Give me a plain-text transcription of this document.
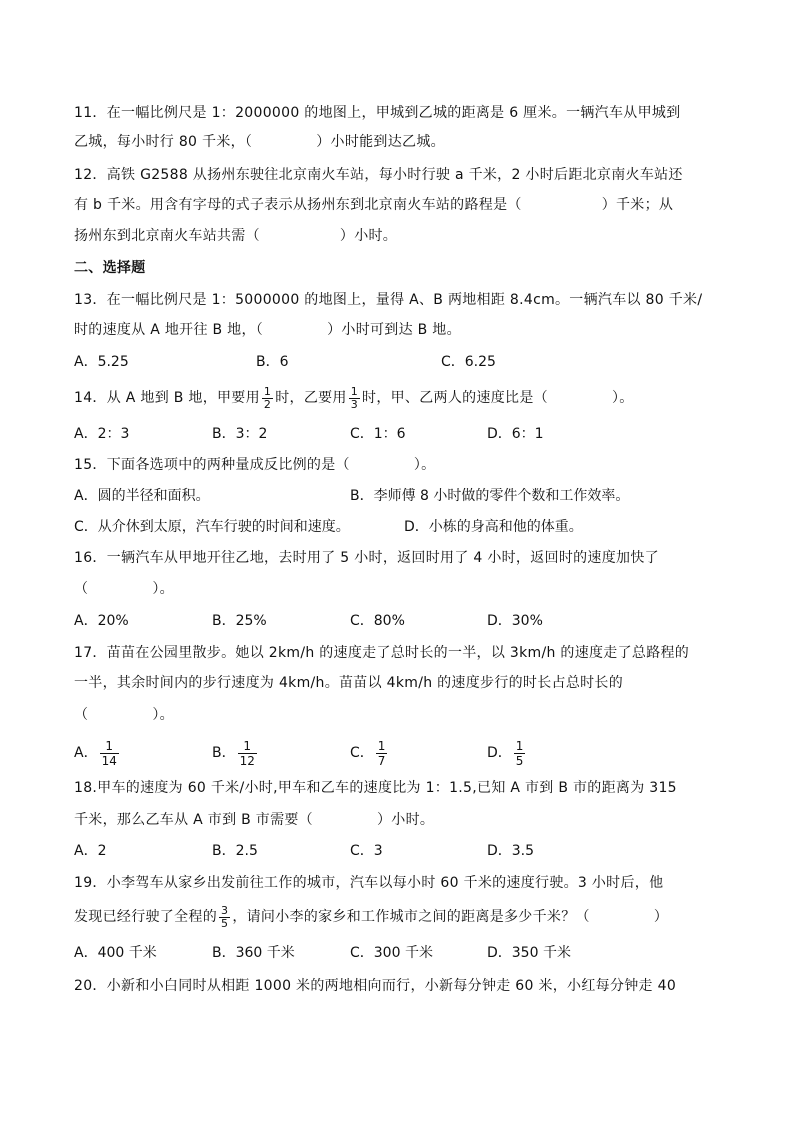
11．在一幅比例尺是 1：2000000 的地图上，甲城到乙城的距离是 6 厘米。一辆汽车从甲城到
乙城，每小时行 80 千米，（	）小时能到达乙城。
12．高铁 G2588 从扬州东驶往北京南火车站，每小时行驶 a 千米，2 小时后距北京南火车站还
有 b 千米。用含有字母的式子表示从扬州东到北京南火车站的路程是（	）千米；从
扬州东到北京南火车站共需（	）小时。
二、选择题
13．在一幅比例尺是 1：5000000 的地图上，量得 A、B 两地相距 8.4cm。一辆汽车以 80 千米/
时的速度从 A 地开往 B 地，（	）小时可到达 B 地。
A．5.25	B．6	C．6.25
14．从 A 地到 B 地，甲要用 $\frac{1}{2}$ 时，乙要用 $\frac{1}{3}$ 时，甲、乙两人的速度比是（	）。
A．2：3	B．3：2	C．1：6	D．6：1
15．下面各选项中的两种量成反比例的是（	）。
A．圆的半径和面积。	B．李师傅 8 小时做的零件个数和工作效率。
C．从介休到太原，汽车行驶的时间和速度。	D．小栋的身高和他的体重。
16．一辆汽车从甲地开往乙地，去时用了 5 小时，返回时用了 4 小时，返回时的速度加快了
（	）。
A．20%	B．25%	C．80%	D．30%
17．苗苗在公园里散步。她以 2km/h 的速度走了总时长的一半，以 3km/h 的速度走了总路程的
一半，其余时间内的步行速度为 4km/h。苗苗以 4km/h 的速度步行的时长占总时长的
（	）。
A． $\frac{1}{14}$	B． $\frac{1}{12}$	C． $\frac{1}{7}$	D． $\frac{1}{5}$
18.甲车的速度为 60 千米/小时,甲车和乙车的速度比为 1：1.5,已知 A 市到 B 市的距离为 315
千米，那么乙车从 A 市到 B 市需要（	）小时。
A．2	B．2.5	C．3	D．3.5
19．小李驾车从家乡出发前往工作的城市，汽车以每小时 60 千米的速度行驶。3 小时后，他
发现已经行驶了全程的 $\frac{3}{5}$ ，请问小李的家乡和工作城市之间的距离是多少千米？（	）
A．400 千米	B．360 千米	C．300 千米	D．350 千米
20．小新和小白同时从相距 1000 米的两地相向而行，小新每分钟走 60 米，小红每分钟走 40
